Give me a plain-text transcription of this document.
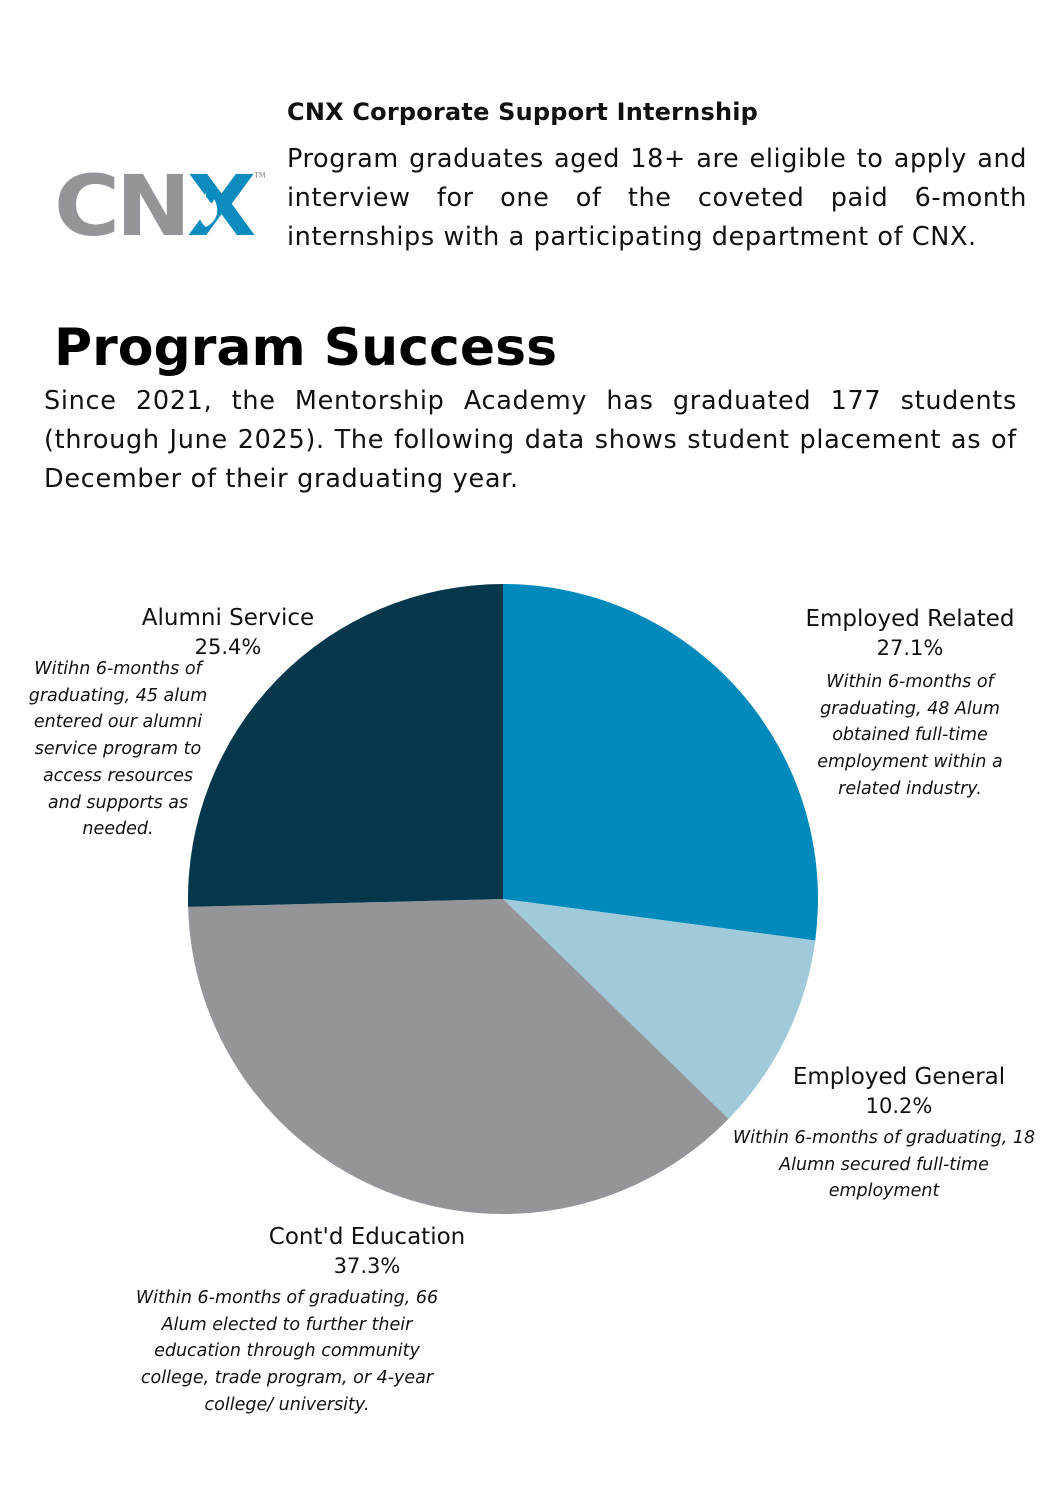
CN X TM
CNX Corporate Support Internship

Program graduates aged 18+ are eligible to apply and interview for one of the coveted paid 6-month internships with a participating department of CNX.

Program Success

Since 2021, the Mentorship Academy has graduated 177 students (through June 2025). The following data shows student placement as of December of their graduating year.

Employed Related
27.1%
Within 6-months of graduating, 48 Alum obtained full-time employment within a related industry.
Employed General
10.2%
Within 6-months of graduating, 18 Alumn secured full-time employment
Cont'd Education
37.3%
Within 6-months of graduating, 66 Alum elected to further their education through community college, trade program, or 4-year college/ university.
Alumni Service
25.4%
Witihn 6-months of graduating, 45 alum entered our alumni service program to access resources and supports as needed.
